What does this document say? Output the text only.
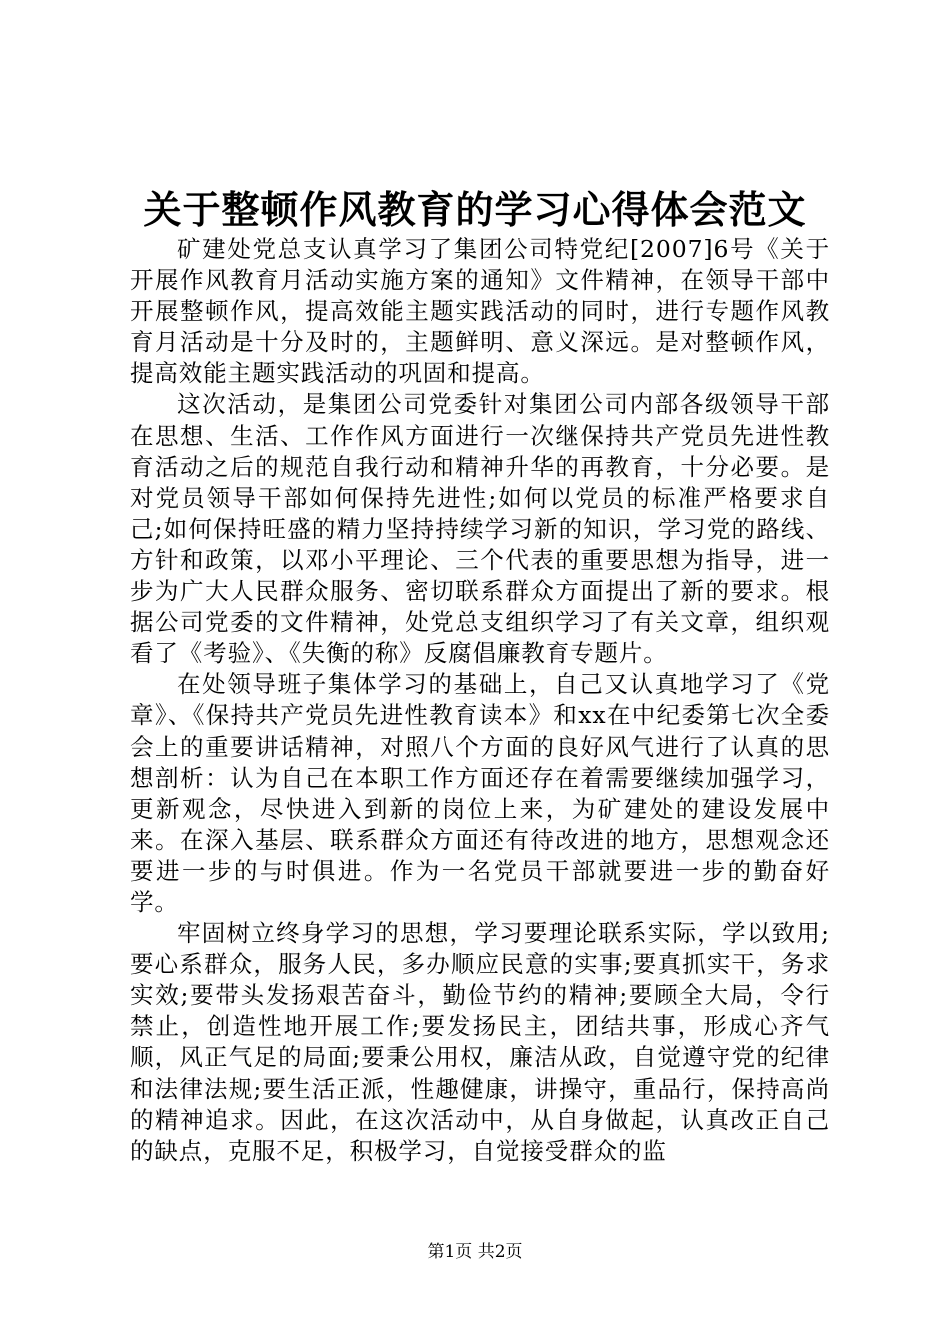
关于整顿作风教育的学习心得体会范文

矿建处党总支认真学习了集团公司特党纪[2007]6号《关于开展作风教育月活动实施方案的通知》文件精神，在领导干部中开展整顿作风，提高效能主题实践活动的同时，进行专题作风教育月活动是十分及时的，主题鲜明、意义深远。是对整顿作风，提高效能主题实践活动的巩固和提高。

这次活动，是集团公司党委针对集团公司内部各级领导干部在思想、生活、工作作风方面进行一次继保持共产党员先进性教育活动之后的规范自我行动和精神升华的再教育，十分必要。是对党员领导干部如何保持先进性;如何以党员的标准严格要求自己;如何保持旺盛的精力坚持持续学习新的知识，学习党的路线、方针和政策，以邓小平理论、三个代表的重要思想为指导，进一步为广大人民群众服务、密切联系群众方面提出了新的要求。根据公司党委的文件精神，处党总支组织学习了有关文章，组织观看了《考验》、《失衡的称》反腐倡廉教育专题片。

在处领导班子集体学习的基础上，自己又认真地学习了《党章》、《保持共产党员先进性教育读本》和xx在中纪委第七次全委会上的重要讲话精神，对照八个方面的良好风气进行了认真的思想剖析：认为自己在本职工作方面还存在着需要继续加强学习，更新观念，尽快进入到新的岗位上来，为矿建处的建设发展中来。在深入基层、联系群众方面还有待改进的地方，思想观念还要进一步的与时俱进。作为一名党员干部就要进一步的勤奋好学。

牢固树立终身学习的思想，学习要理论联系实际，学以致用;要心系群众，服务人民，多办顺应民意的实事;要真抓实干，务求实效;要带头发扬艰苦奋斗，勤俭节约的精神;要顾全大局，令行禁止，创造性地开展工作;要发扬民主，团结共事，形成心齐气顺，风正气足的局面;要秉公用权，廉洁从政，自觉遵守党的纪律和法律法规;要生活正派，性趣健康，讲操守，重品行，保持高尚的精神追求。因此，在这次活动中，从自身做起，认真改正自己的缺点，克服不足，积极学习，自觉接受群众的监

第1页 共2页
